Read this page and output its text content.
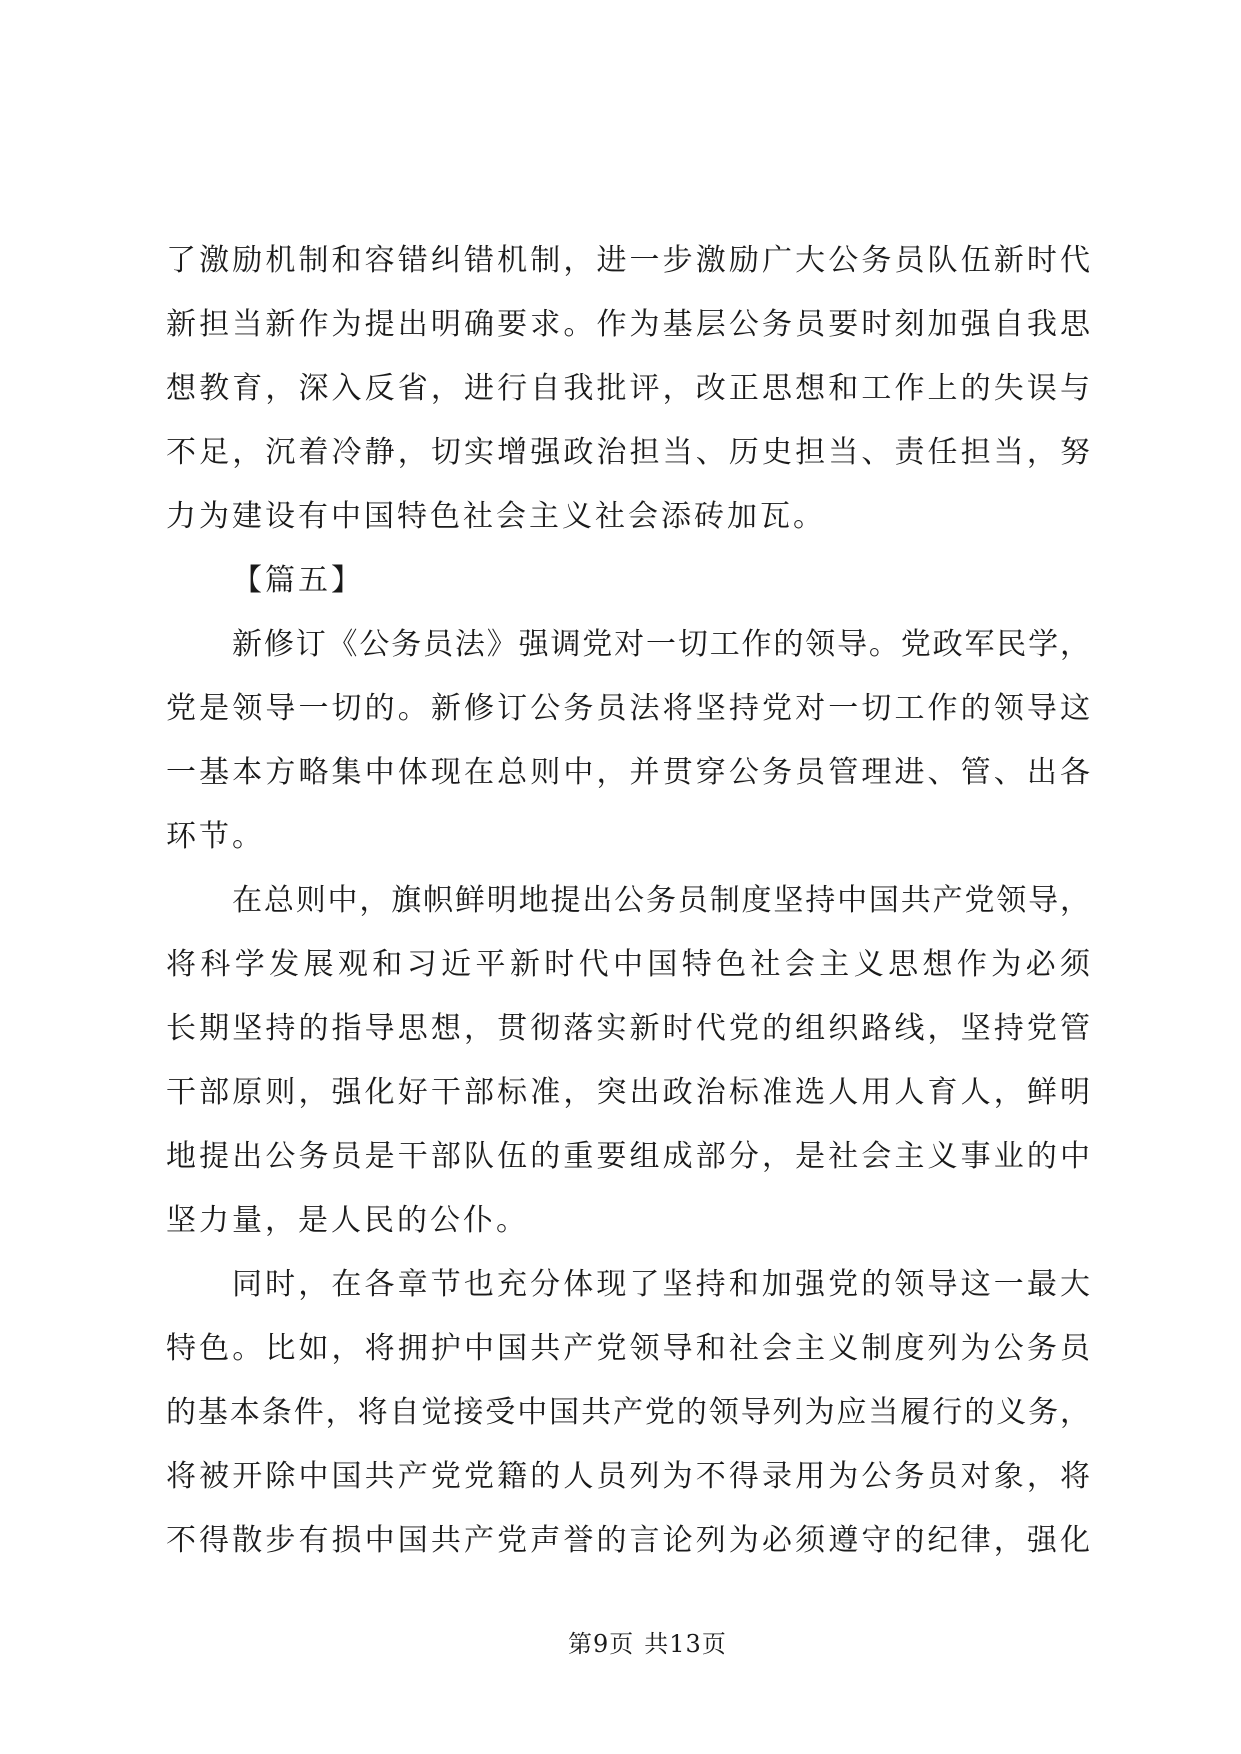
了激励机制和容错纠错机制，进一步激励广大公务员队伍新时代
新担当新作为提出明确要求。作为基层公务员要时刻加强自我思
想教育，深入反省，进行自我批评，改正思想和工作上的失误与
不足，沉着冷静，切实增强政治担当、历史担当、责任担当，努
力为建设有中国特色社会主义社会添砖加瓦。
【篇五】
新修订《公务员法》强调党对一切工作的领导。党政军民学，
党是领导一切的。新修订公务员法将坚持党对一切工作的领导这
一基本方略集中体现在总则中，并贯穿公务员管理进、管、出各
环节。
在总则中，旗帜鲜明地提出公务员制度坚持中国共产党领导，
将科学发展观和习近平新时代中国特色社会主义思想作为必须
长期坚持的指导思想，贯彻落实新时代党的组织路线，坚持党管
干部原则，强化好干部标准，突出政治标准选人用人育人，鲜明
地提出公务员是干部队伍的重要组成部分，是社会主义事业的中
坚力量，是人民的公仆。
同时，在各章节也充分体现了坚持和加强党的领导这一最大
特色。比如，将拥护中国共产党领导和社会主义制度列为公务员
的基本条件，将自觉接受中国共产党的领导列为应当履行的义务，
将被开除中国共产党党籍的人员列为不得录用为公务员对象，将
不得散步有损中国共产党声誉的言论列为必须遵守的纪律，强化
第9页 共13页
